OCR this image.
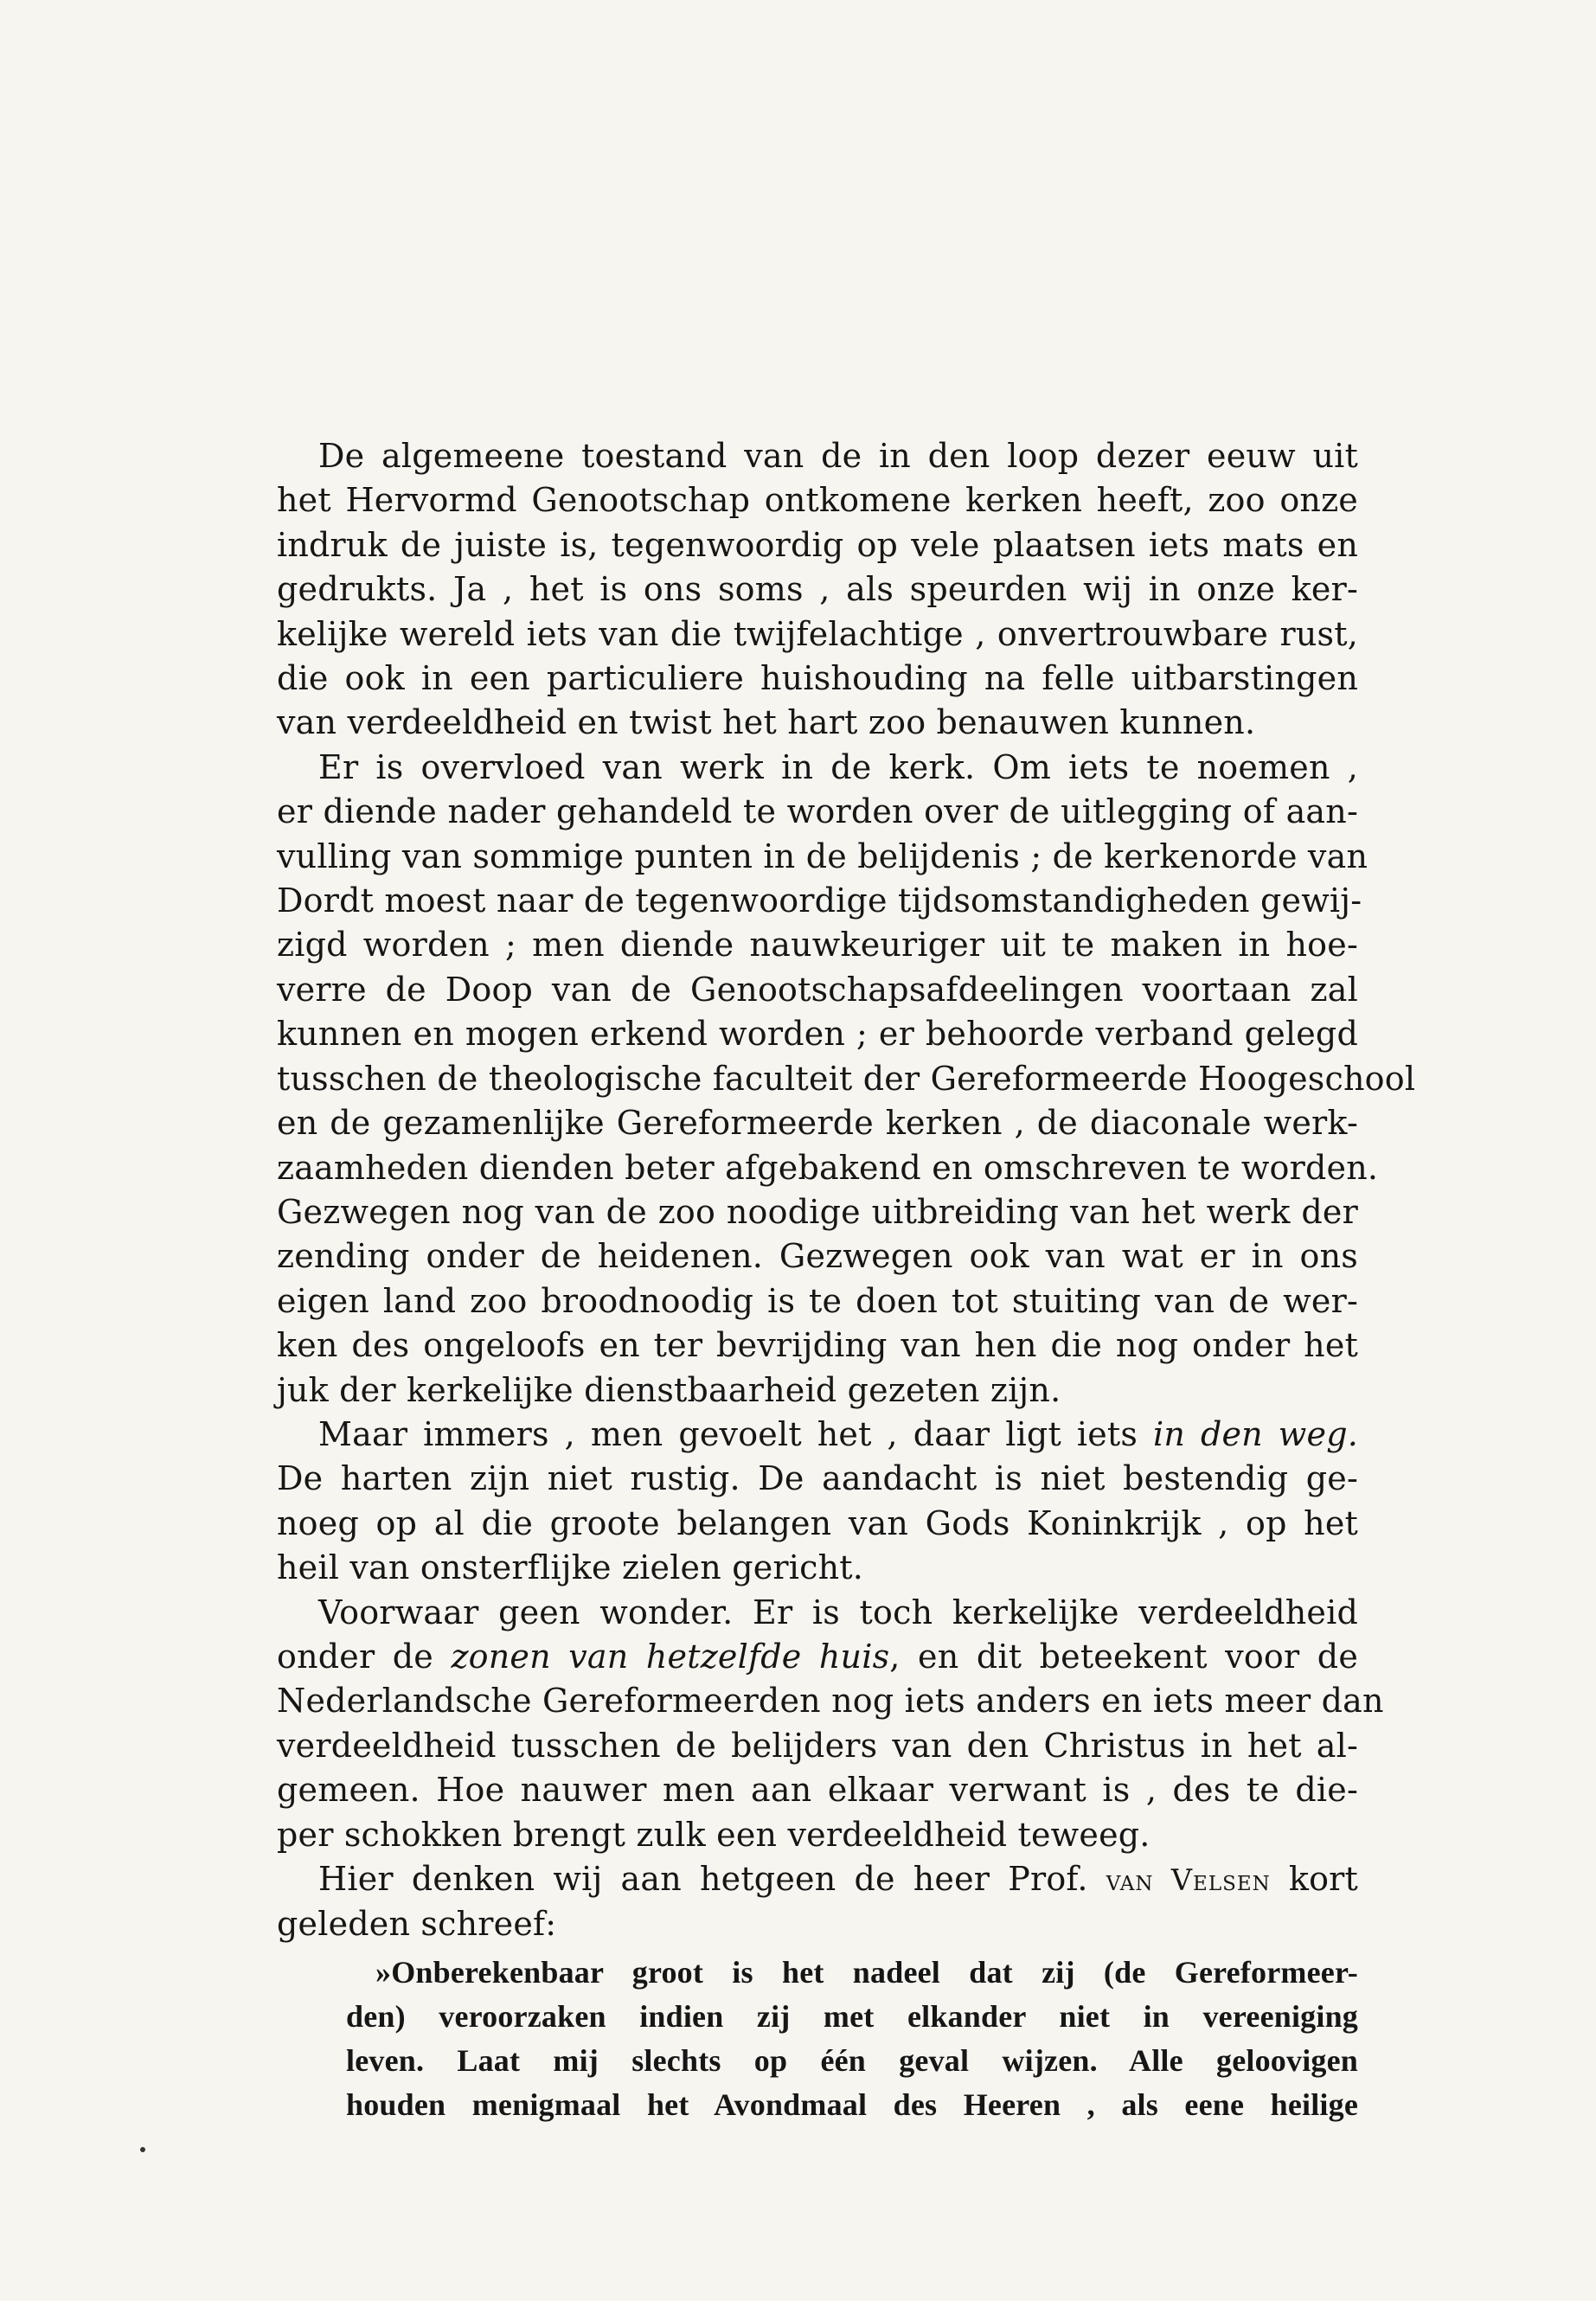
De algemeene toestand van de in den loop dezer eeuw uit
het Hervormd Genootschap ontkomene kerken heeft, zoo onze
indruk de juiste is, tegenwoordig op vele plaatsen iets mats en
gedrukts. Ja , het is ons soms , als speurden wij in onze ker-
kelijke wereld iets van die twijfelachtige , onvertrouwbare rust,
die ook in een particuliere huishouding na felle uitbarstingen
van verdeeldheid en twist het hart zoo benauwen kunnen.

Er is overvloed van werk in de kerk. Om iets te noemen ,
er diende nader gehandeld te worden over de uitlegging of aan-
vulling van sommige punten in de belijdenis ; de kerkenorde van
Dordt moest naar de tegenwoordige tijdsomstandigheden gewij-
zigd worden ; men diende nauwkeuriger uit te maken in hoe-
verre de Doop van de Genootschapsafdeelingen voortaan zal
kunnen en mogen erkend worden ; er behoorde verband gelegd
tusschen de theologische faculteit der Gereformeerde Hoogeschool
en de gezamenlijke Gereformeerde kerken , de diaconale werk-
zaamheden dienden beter afgebakend en omschreven te worden.
Gezwegen nog van de zoo noodige uitbreiding van het werk der
zending onder de heidenen. Gezwegen ook van wat er in ons
eigen land zoo broodnoodig is te doen tot stuiting van de wer-
ken des ongeloofs en ter bevrijding van hen die nog onder het
juk der kerkelijke dienstbaarheid gezeten zijn.

Maar immers , men gevoelt het , daar ligt iets in den weg.
De harten zijn niet rustig. De aandacht is niet bestendig ge-
noeg op al die groote belangen van Gods Koninkrijk , op het
heil van onsterflijke zielen gericht.

Voorwaar geen wonder. Er is toch kerkelijke verdeeldheid
onder de zonen van hetzelfde huis, en dit beteekent voor de
Nederlandsche Gereformeerden nog iets anders en iets meer dan
verdeeldheid tusschen de belijders van den Christus in het al-
gemeen. Hoe nauwer men aan elkaar verwant is , des te die-
per schokken brengt zulk een verdeeldheid teweeg.

Hier denken wij aan hetgeen de heer Prof. van Velsen kort
geleden schreef:

»Onberekenbaar groot is het nadeel dat zij (de Gereformeer-
den) veroorzaken indien zij met elkander niet in vereeniging
leven. Laat mij slechts op één geval wijzen. Alle geloovigen
houden menigmaal het Avondmaal des Heeren , als eene heilige
